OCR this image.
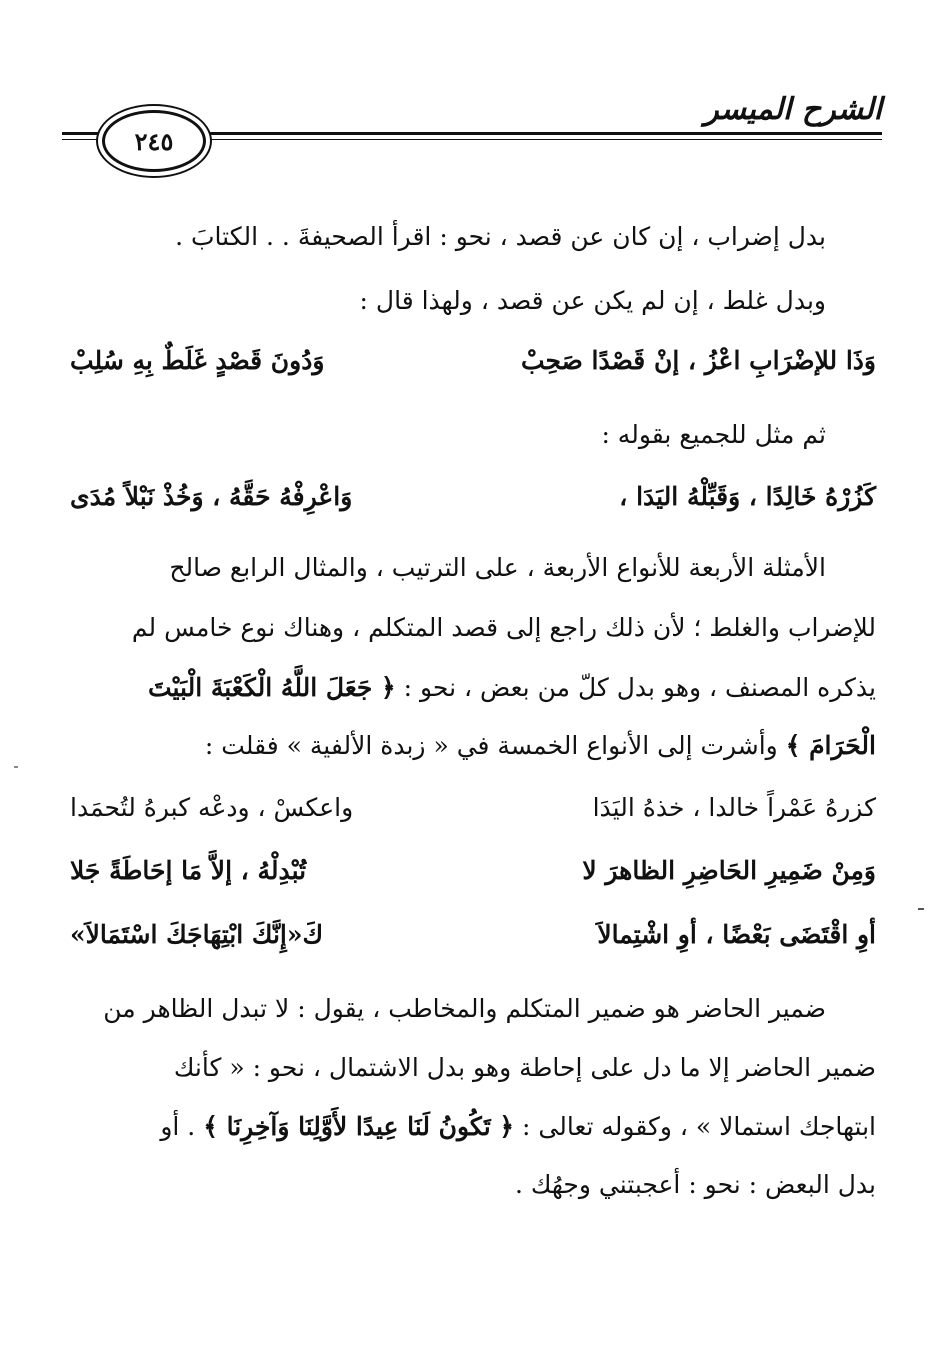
الشرح الميسر
٢٤٥
بدل إضراب ، إن كان عن قصد ، نحو : اقرأ الصحيفةَ . . الكتابَ .
وبدل غلط ، إن لم يكن عن قصد ، ولهذا قال :
وَذَا للإضْرَابِ اعْزُ ، إنْ قَصْدًا صَحِبْ
وَدُونَ قَصْدٍ غَلَطٌ بِهِ سُلِبْ
ثم مثل للجميع بقوله :
كَزُرْهُ خَالِدًا ، وَقَبِّلْهُ اليَدَا ،
وَاعْرِفْهُ حَقَّهُ ، وَخُذْ نَبْلاً مُدَى
الأمثلة الأربعة للأنواع الأربعة ، على الترتيب ، والمثال الرابع صالح
للإضراب والغلط ؛ لأن ذلك راجع إلى قصد المتكلم ، وهناك نوع خامس لم
يذكره المصنف ، وهو بدل كلّ من بعض ، نحو : ﴿ جَعَلَ اللَّهُ الْكَعْبَةَ الْبَيْتَ
الْحَرَامَ ﴾ وأشرت إلى الأنواع الخمسة في « زبدة الألفية » فقلت :
كزرهُ عَمْراً خالدا ، خذهُ اليَدَا
واعكسْ ، ودعْه كبرهُ لتُحمَدا
وَمِنْ ضَمِيرِ الحَاضِرِ الظاهرَ لا
تُبْدِلْهُ ، إلاَّ مَا إحَاطَةً جَلا
أوِ اقْتَضَى بَعْضًا ، أوِ اشْتِمالاَ
كَ«إِنَّكَ ابْتِهَاجَكَ اسْتَمَالاَ»
ضمير الحاضر هو ضمير المتكلم والمخاطب ، يقول : لا تبدل الظاهر من
ضمير الحاضر إلا ما دل على إحاطة وهو بدل الاشتمال ، نحو : « كأنك
ابتهاجك استمالا » ، وكقوله تعالى : ﴿ تَكُونُ لَنَا عِيدًا لأَوَّلِنَا وَآخِرِنَا ﴾ . أو
بدل البعض : نحو : أعجبتني وجهُك .
